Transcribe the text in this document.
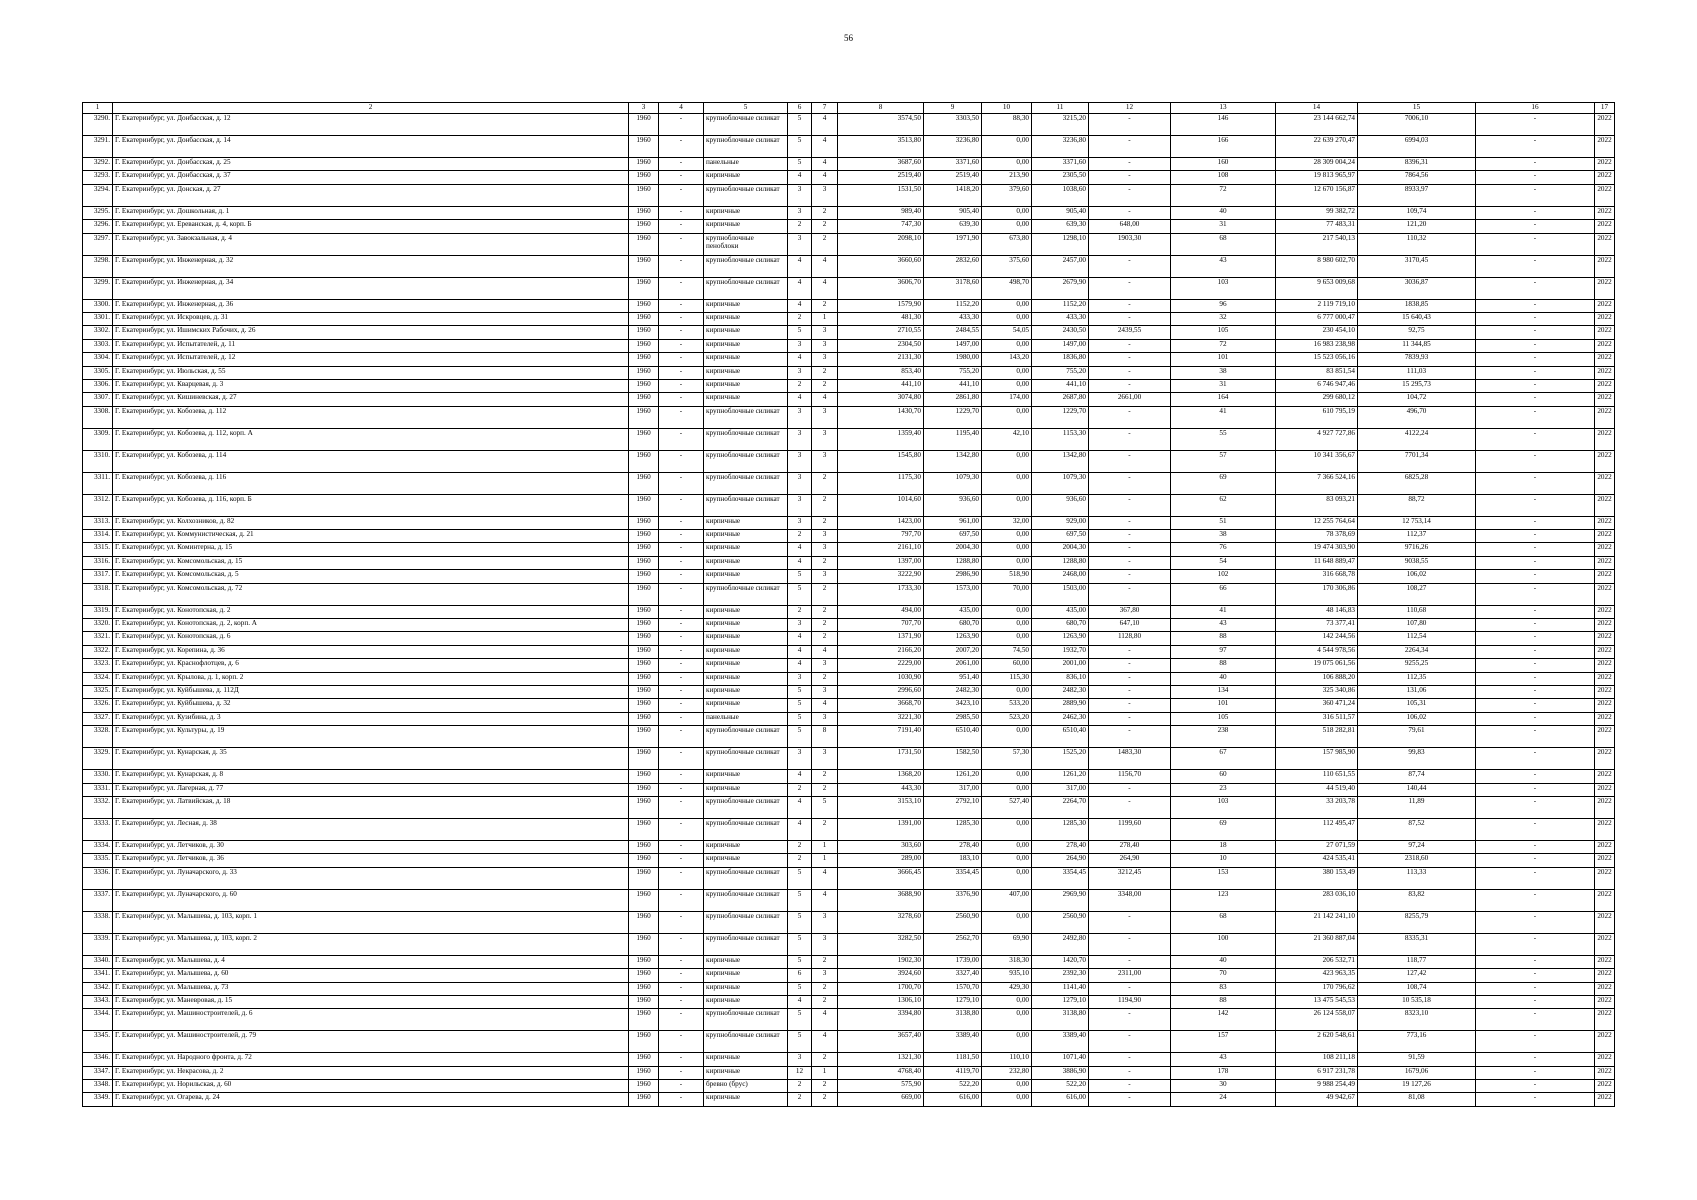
56
1	2	3	4	5	6	7	8	9	10	11	12	13	14	15	16	17
3290.	Г. Екатеринбург, ул. Донбасская, д. 12	1960	-	крупноблочные силикат	5	4	3574,50	3303,50	88,30	3215,20	-	146	23 144 662,74	7006,10	-	2022
3291.	Г. Екатеринбург, ул. Донбасская, д. 14	1960	-	крупноблочные силикат	5	4	3513,80	3236,80	0,00	3236,80	-	166	22 639 270,47	6994,03	-	2022
3292.	Г. Екатеринбург, ул. Донбасская, д. 25	1960	-	панельные	5	4	3687,60	3371,60	0,00	3371,60	-	160	28 309 004,24	8396,31	-	2022
3293.	Г. Екатеринбург, ул. Донбасская, д. 37	1960	-	кирпичные	4	4	2519,40	2519,40	213,90	2305,50	-	108	19 813 965,97	7864,56	-	2022
3294.	Г. Екатеринбург, ул. Донская, д. 27	1960	-	крупноблочные силикат	3	3	1531,50	1418,20	379,60	1038,60	-	72	12 670 156,87	8933,97	-	2022
3295.	Г. Екатеринбург, ул. Дошкольная, д. 1	1960	-	кирпичные	3	2	989,40	905,40	0,00	905,40	-	40	99 382,72	109,74	-	2022
3296.	Г. Екатеринбург, ул. Ереванская, д. 4, корп. Б	1960	-	кирпичные	2	2	747,30	639,30	0,00	639,30	648,00	31	77 483,31	121,20	-	2022
3297.	Г. Екатеринбург, ул. Завокзальная, д. 4	1960	-	крупноблочные пеноблоки	3	2	2098,10	1971,90	673,80	1298,10	1903,30	68	217 540,13	110,32	-	2022
3298.	Г. Екатеринбург, ул. Инженерная, д. 32	1960	-	крупноблочные силикат	4	4	3660,60	2832,60	375,60	2457,00	-	43	8 980 602,70	3170,45	-	2022
3299.	Г. Екатеринбург, ул. Инженерная, д. 34	1960	-	крупноблочные силикат	4	4	3606,70	3178,60	498,70	2679,90	-	103	9 653 009,68	3036,87	-	2022
3300.	Г. Екатеринбург, ул. Инженерная, д. 36	1960	-	кирпичные	4	2	1579,90	1152,20	0,00	1152,20	-	96	2 119 719,10	1838,85	-	2022
3301.	Г. Екатеринбург, ул. Искровцев, д. 31	1960	-	кирпичные	2	1	481,30	433,30	0,00	433,30	-	32	6 777 000,47	15 640,43	-	2022
3302.	Г. Екатеринбург, ул. Ишимских Рабочих, д. 26	1960	-	кирпичные	5	3	2710,55	2484,55	54,05	2430,50	2439,55	105	230 454,10	92,75	-	2022
3303.	Г. Екатеринбург, ул. Испытателей, д. 11	1960	-	кирпичные	3	3	2304,50	1497,00	0,00	1497,00	-	72	16 983 238,98	11 344,85	-	2022
3304.	Г. Екатеринбург, ул. Испытателей, д. 12	1960	-	кирпичные	4	3	2131,30	1980,00	143,20	1836,80	-	101	15 523 056,16	7839,93	-	2022
3305.	Г. Екатеринбург, ул. Июльская, д. 55	1960	-	кирпичные	3	2	853,40	755,20	0,00	755,20	-	38	83 851,54	111,03	-	2022
3306.	Г. Екатеринбург, ул. Кварцевая, д. 3	1960	-	кирпичные	2	2	441,10	441,10	0,00	441,10	-	31	6 746 947,46	15 295,73	-	2022
3307.	Г. Екатеринбург, ул. Кишиневская, д. 27	1960	-	кирпичные	4	4	3074,80	2861,80	174,00	2687,80	2661,00	164	299 680,12	104,72	-	2022
3308.	Г. Екатеринбург, ул. Кобозева, д. 112	1960	-	крупноблочные силикат	3	3	1430,70	1229,70	0,00	1229,70	-	41	610 795,19	496,70	-	2022
3309.	Г. Екатеринбург, ул. Кобозева, д. 112, корп. А	1960	-	крупноблочные силикат	3	3	1359,40	1195,40	42,10	1153,30	-	55	4 927 727,86	4122,24	-	2022
3310.	Г. Екатеринбург, ул. Кобозева, д. 114	1960	-	крупноблочные силикат	3	3	1545,80	1342,80	0,00	1342,80	-	57	10 341 356,67	7701,34	-	2022
3311.	Г. Екатеринбург, ул. Кобозева, д. 116	1960	-	крупноблочные силикат	3	2	1175,30	1079,30	0,00	1079,30	-	69	7 366 524,16	6825,28	-	2022
3312.	Г. Екатеринбург, ул. Кобозева, д. 116, корп. Б	1960	-	крупноблочные силикат	3	2	1014,60	936,60	0,00	936,60	-	62	83 093,21	88,72	-	2022
3313.	Г. Екатеринбург, ул. Колхозников, д. 82	1960	-	кирпичные	3	2	1423,00	961,00	32,00	929,00	-	51	12 255 764,64	12 753,14	-	2022
3314.	Г. Екатеринбург, ул. Коммунистическая, д. 21	1960	-	кирпичные	2	3	797,70	697,50	0,00	697,50	-	38	78 378,69	112,37	-	2022
3315.	Г. Екатеринбург, ул. Коминтерна, д. 15	1960	-	кирпичные	4	3	2161,10	2004,30	0,00	2004,30	-	76	19 474 303,90	9716,26	-	2022
3316.	Г. Екатеринбург, ул. Комсомольская, д. 15	1960	-	кирпичные	4	2	1397,00	1288,80	0,00	1288,80	-	54	11 648 889,47	9038,55	-	2022
3317.	Г. Екатеринбург, ул. Комсомольская, д. 5	1960	-	кирпичные	5	3	3222,90	2986,90	518,90	2468,00	-	102	316 668,78	106,02	-	2022
3318.	Г. Екатеринбург, ул. Комсомольская, д. 72	1960	-	крупноблочные силикат	5	2	1733,30	1573,00	70,00	1503,00	-	66	170 306,86	108,27	-	2022
3319.	Г. Екатеринбург, ул. Конотопская, д. 2	1960	-	кирпичные	2	2	494,00	435,00	0,00	435,00	367,80	41	48 146,83	110,68	-	2022
3320.	Г. Екатеринбург, ул. Конотопская, д. 2, корп. А	1960	-	кирпичные	3	2	707,70	680,70	0,00	680,70	647,10	43	73 377,41	107,80	-	2022
3321.	Г. Екатеринбург, ул. Конотопская, д. 6	1960	-	кирпичные	4	2	1371,90	1263,90	0,00	1263,90	1128,80	88	142 244,56	112,54	-	2022
3322.	Г. Екатеринбург, ул. Корепина, д. 36	1960	-	кирпичные	4	4	2166,20	2007,20	74,50	1932,70	-	97	4 544 978,56	2264,34	-	2022
3323.	Г. Екатеринбург, ул. Краснофлотцев, д. 6	1960	-	кирпичные	4	3	2229,00	2061,00	60,00	2001,00	-	88	19 075 061,56	9255,25	-	2022
3324.	Г. Екатеринбург, ул. Крылова, д. 1, корп. 2	1960	-	кирпичные	3	2	1030,90	951,40	115,30	836,10	-	40	106 888,20	112,35	-	2022
3325.	Г. Екатеринбург, ул. Куйбышева, д. 112Д	1960	-	кирпичные	5	3	2996,60	2482,30	0,00	2482,30	-	134	325 340,86	131,06	-	2022
3326.	Г. Екатеринбург, ул. Куйбышева, д. 32	1960	-	кирпичные	5	4	3668,70	3423,10	533,20	2889,90	-	101	360 471,24	105,31	-	2022
3327.	Г. Екатеринбург, ул. Кузибина, д. 3	1960	-	панельные	5	3	3221,30	2985,50	523,20	2462,30	-	105	316 511,57	106,02	-	2022
3328.	Г. Екатеринбург, ул. Культуры, д. 19	1960	-	крупноблочные силикат	5	8	7191,40	6510,40	0,00	6510,40	-	238	518 282,81	79,61	-	2022
3329.	Г. Екатеринбург, ул. Кунарская, д. 35	1960	-	крупноблочные силикат	3	3	1731,50	1582,50	57,30	1525,20	1483,30	67	157 985,90	99,83	-	2022
3330.	Г. Екатеринбург, ул. Кунарская, д. 8	1960	-	кирпичные	4	2	1368,20	1261,20	0,00	1261,20	1156,70	60	110 651,55	87,74	-	2022
3331.	Г. Екатеринбург, ул. Лагерная, д. 77	1960	-	кирпичные	2	2	443,30	317,00	0,00	317,00	-	23	44 519,40	140,44	-	2022
3332.	Г. Екатеринбург, ул. Латвийская, д. 18	1960	-	крупноблочные силикат	4	5	3153,10	2792,10	527,40	2264,70	-	103	33 203,78	11,89	-	2022
3333.	Г. Екатеринбург, ул. Лесная, д. 38	1960	-	крупноблочные силикат	4	2	1391,00	1285,30	0,00	1285,30	1199,60	69	112 495,47	87,52	-	2022
3334.	Г. Екатеринбург, ул. Летчиков, д. 30	1960	-	кирпичные	2	1	303,60	278,40	0,00	278,40	278,40	18	27 071,59	97,24	-	2022
3335.	Г. Екатеринбург, ул. Летчиков, д. 36	1960	-	кирпичные	2	1	289,00	183,10	0,00	264,90	264,90	10	424 535,41	2318,60	-	2022
3336.	Г. Екатеринбург, ул. Луначарского, д. 33	1960	-	крупноблочные силикат	5	4	3666,45	3354,45	0,00	3354,45	3212,45	153	380 153,49	113,33	-	2022
3337.	Г. Екатеринбург, ул. Луначарского, д. 60	1960	-	крупноблочные силикат	5	4	3688,90	3376,90	407,00	2969,90	3348,00	123	283 036,10	83,82	-	2022
3338.	Г. Екатеринбург, ул. Малышева, д. 103, корп. 1	1960	-	крупноблочные силикат	5	3	3278,60	2560,90	0,00	2560,90	-	68	21 142 241,10	8255,79	-	2022
3339.	Г. Екатеринбург, ул. Малышева, д. 103, корп. 2	1960	-	крупноблочные силикат	5	3	3282,50	2562,70	69,90	2492,80	-	100	21 360 887,04	8335,31	-	2022
3340.	Г. Екатеринбург, ул. Малышева, д. 4	1960	-	кирпичные	5	2	1902,30	1739,00	318,30	1420,70	-	40	206 532,71	118,77	-	2022
3341.	Г. Екатеринбург, ул. Малышева, д. 60	1960	-	кирпичные	6	3	3924,60	3327,40	935,10	2392,30	2311,00	70	423 963,35	127,42	-	2022
3342.	Г. Екатеринбург, ул. Малышева, д. 73	1960	-	кирпичные	5	2	1700,70	1570,70	429,30	1141,40	-	83	170 796,62	108,74	-	2022
3343.	Г. Екатеринбург, ул. Маневровая, д. 15	1960	-	кирпичные	4	2	1306,10	1279,10	0,00	1279,10	1194,90	88	13 475 545,53	10 535,18	-	2022
3344.	Г. Екатеринбург, ул. Машиностроителей, д. 6	1960	-	крупноблочные силикат	5	4	3394,80	3138,80	0,00	3138,80	-	142	26 124 558,07	8323,10	-	2022
3345.	Г. Екатеринбург, ул. Машиностроителей, д. 79	1960	-	крупноблочные силикат	5	4	3657,40	3389,40	0,00	3389,40	-	157	2 620 548,61	773,16	-	2022
3346.	Г. Екатеринбург, ул. Народного фронта, д. 72	1960	-	кирпичные	3	2	1321,30	1181,50	110,10	1071,40	-	43	108 211,18	91,59	-	2022
3347.	Г. Екатеринбург, ул. Некрасова, д. 2	1960	-	кирпичные	12	1	4768,40	4119,70	232,80	3886,90	-	178	6 917 231,78	1679,06	-	2022
3348.	Г. Екатеринбург, ул. Норильская, д. 60	1960	-	бревно (брус)	2	2	575,90	522,20	0,00	522,20	-	30	9 988 254,49	19 127,26	-	2022
3349.	Г. Екатеринбург, ул. Огарева, д. 24	1960	-	кирпичные	2	2	669,00	616,00	0,00	616,00	-	24	49 942,67	81,08	-	2022
